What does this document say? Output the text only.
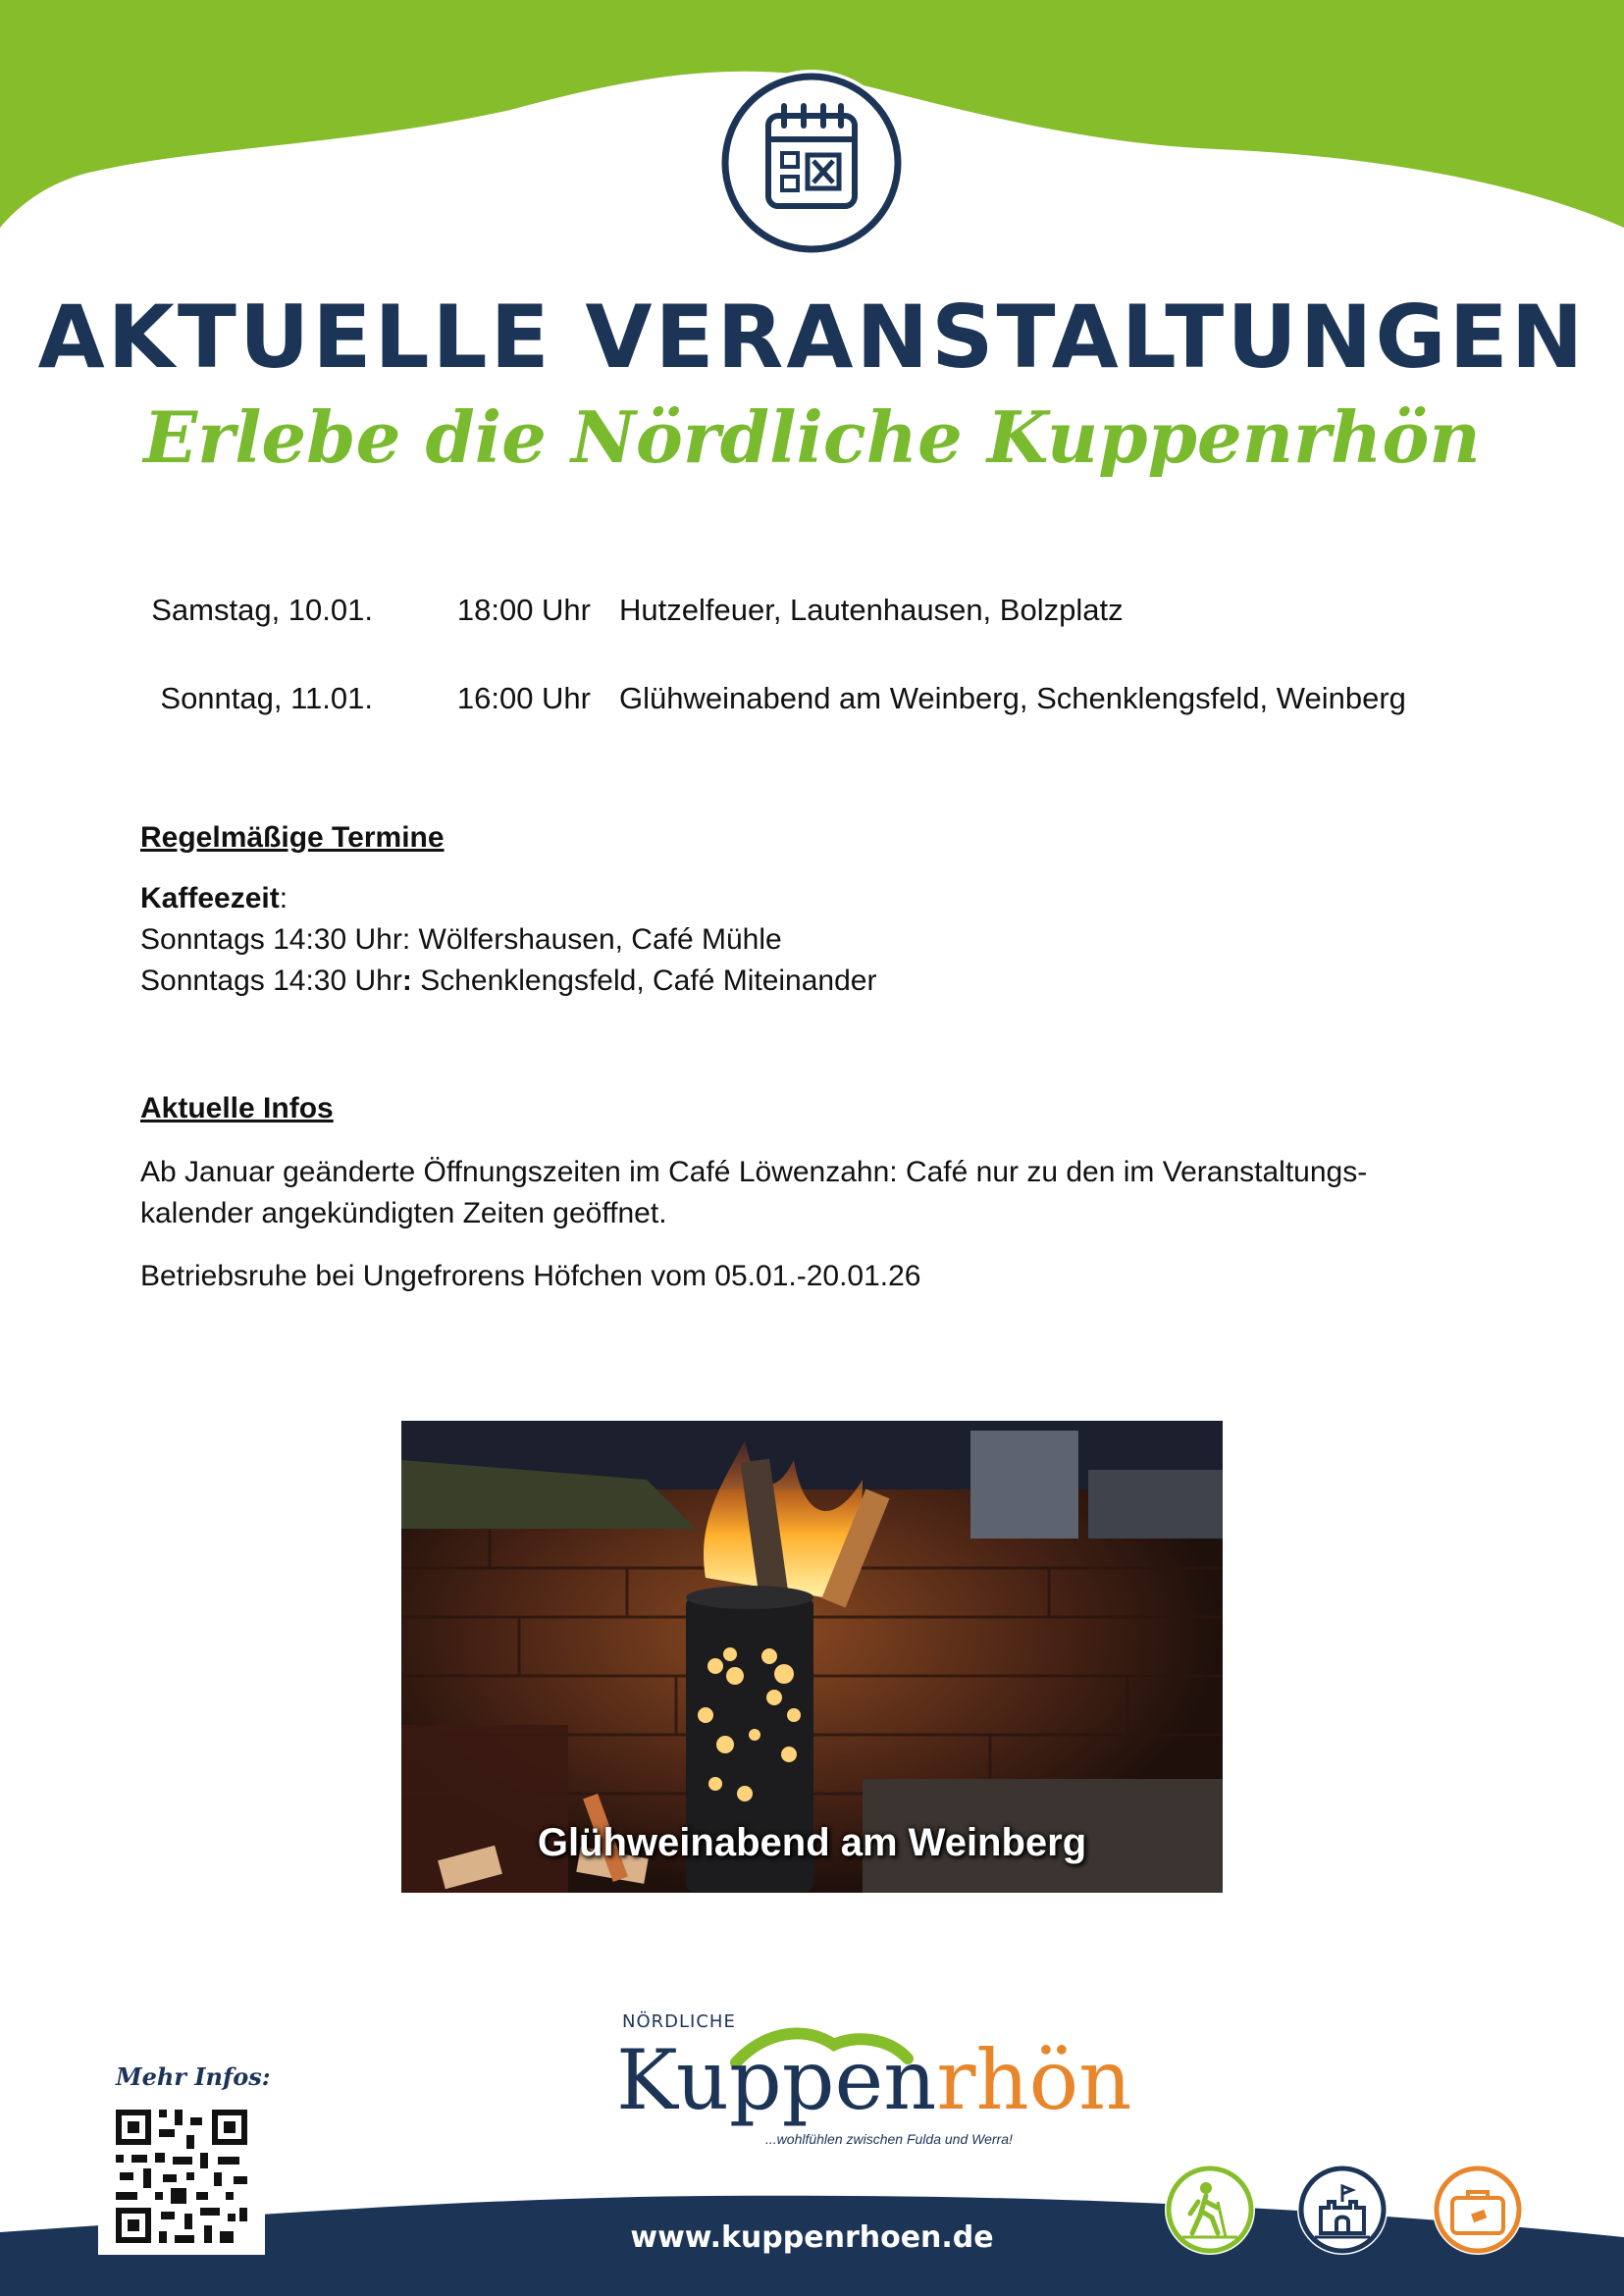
AKTUELLE VERANSTALTUNGEN
Erlebe die Nördliche Kuppenrhön
Samstag, 10.01.	18:00 Uhr Hutzelfeuer, Lautenhausen, Bolzplatz
Sonntag, 11.01.	16:00 Uhr Glühweinabend am Weinberg, Schenklengsfeld, Weinberg
Regelmäßige Termine
Kaffeezeit:
Sonntags 14:30 Uhr: Wölfershausen, Café Mühle
Sonntags 14:30 Uhr: Schenklengsfeld, Café Miteinander
Aktuelle Infos
Ab Januar geänderte Öffnungszeiten im Café Löwenzahn: Café nur zu den im Veranstaltungs-
kalender angekündigten Zeiten geöffnet.
Betriebsruhe bei Ungefrorens Höfchen vom 05.01.-20.01.26
Glühweinabend am Weinberg
Mehr Infos:
NÖRDLICHE
Kuppenrhön
...wohlfühlen zwischen Fulda und Werra!
www.kuppenrhoen.de
